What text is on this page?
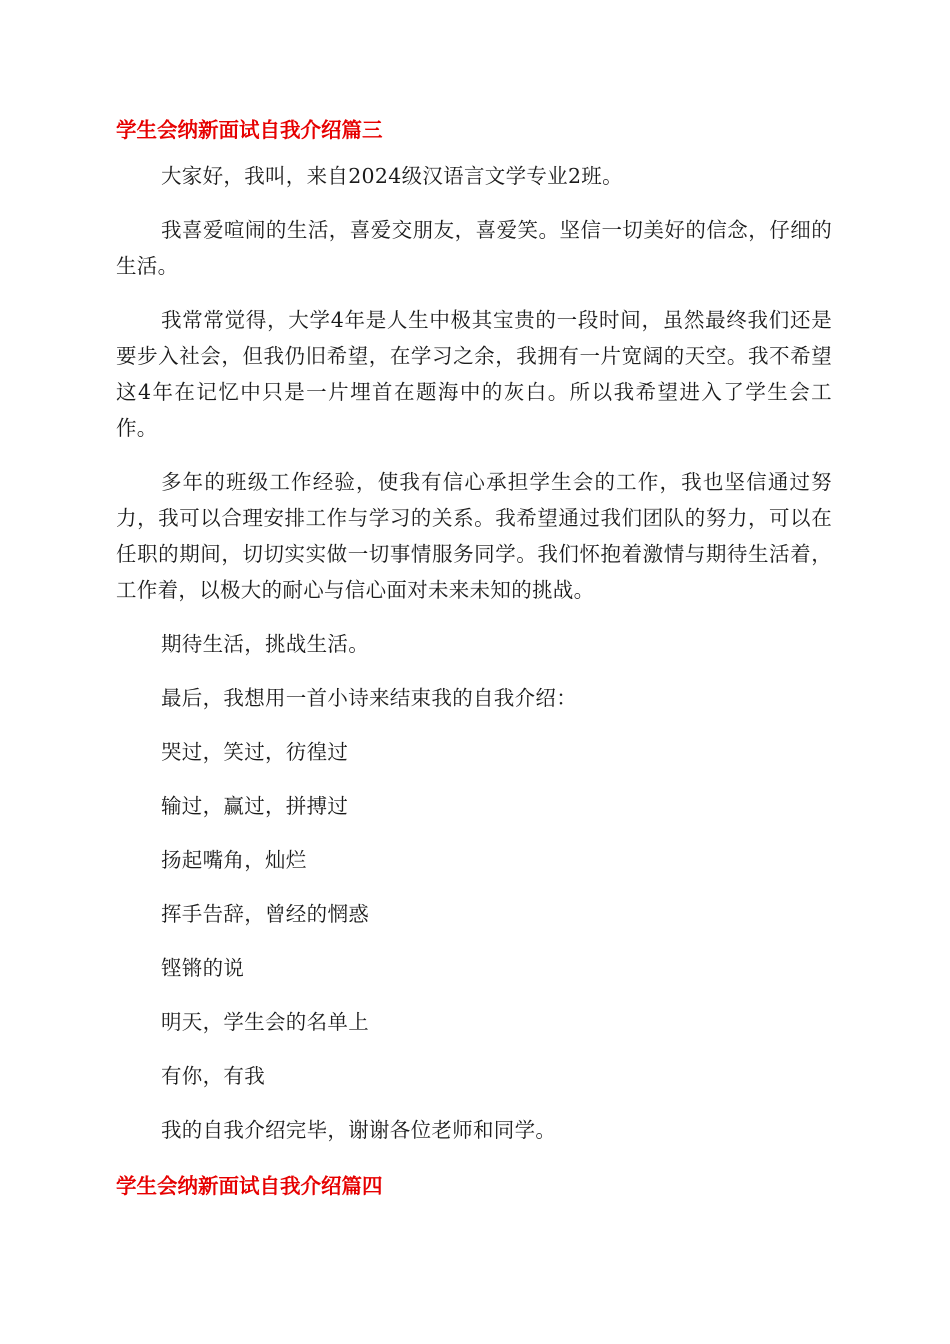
学生会纳新面试自我介绍篇三

大家好，我叫，来自2024级汉语言文学专业2班。

我喜爱喧闹的生活，喜爱交朋友，喜爱笑。坚信一切美好的信念，仔细的生活。

我常常觉得，大学4年是人生中极其宝贵的一段时间，虽然最终我们还是要步入社会，但我仍旧希望，在学习之余，我拥有一片宽阔的天空。我不希望这4年在记忆中只是一片埋首在题海中的灰白。所以我希望进入了学生会工作。

多年的班级工作经验，使我有信心承担学生会的工作，我也坚信通过努力，我可以合理安排工作与学习的关系。我希望通过我们团队的努力，可以在任职的期间，切切实实做一切事情服务同学。我们怀抱着激情与期待生活着，工作着，以极大的耐心与信心面对未来未知的挑战。

期待生活，挑战生活。

最后，我想用一首小诗来结束我的自我介绍：

哭过，笑过，彷徨过

输过，赢过，拼搏过

扬起嘴角，灿烂

挥手告辞，曾经的惘惑

铿锵的说

明天，学生会的名单上

有你，有我

我的自我介绍完毕，谢谢各位老师和同学。

学生会纳新面试自我介绍篇四
